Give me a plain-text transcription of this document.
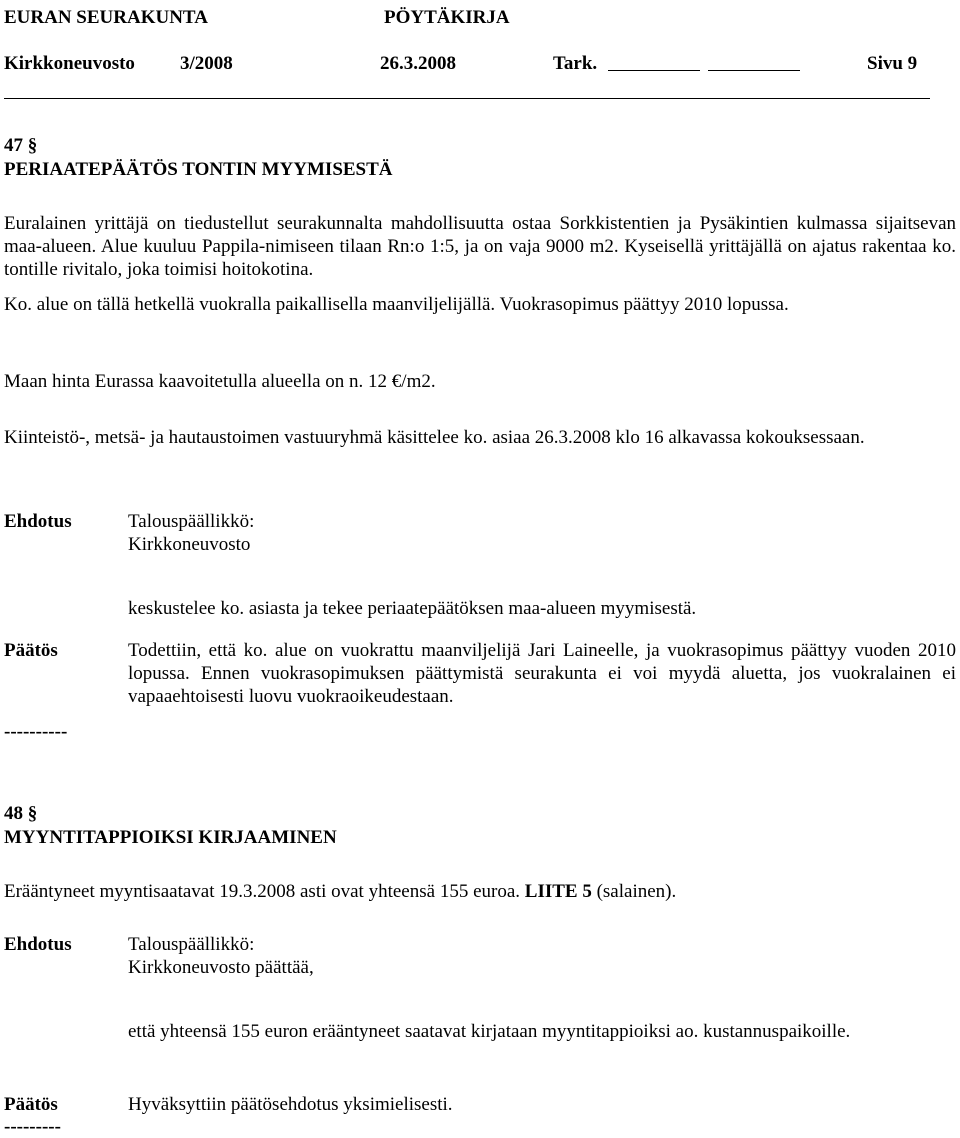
EURAN SEURAKUNTA	PÖYTÄKIRJA
Kirkkoneuvosto 3/2008	26.3.2008	Tark.	Sivu 9
47 §
PERIAATEPÄÄTÖS TONTIN MYYMISESTÄ

Euralainen yrittäjä on tiedustellut seurakunnalta mahdollisuutta ostaa Sorkkistentien ja Pysäkintien kulmassa sijaitsevan maa-alueen. Alue kuuluu Pappila-nimiseen tilaan Rn:o 1:5, ja on vaja 9000 m2. Kyseisellä yrittäjällä on ajatus rakentaa ko. tontille rivitalo, joka toimisi hoitokotina.

Ko. alue on tällä hetkellä vuokralla paikallisella maanviljelijällä. Vuokrasopimus päättyy 2010 lopussa.

Maan hinta Eurassa kaavoitetulla alueella on n. 12 €/m2.

Kiinteistö-, metsä- ja hautaustoimen vastuuryhmä käsittelee ko. asiaa 26.3.2008 klo 16 alkavassa kokouksessaan.

Ehdotus	Talouspäällikkö:

Kirkkoneuvosto

keskustelee ko. asiasta ja tekee periaatepäätöksen maa-alueen myymisestä.

Päätös	Todettiin, että ko. alue on vuokrattu maanviljelijä Jari Laineelle, ja vuokrasopimus päättyy vuoden 2010 lopussa. Ennen vuokrasopimuksen päättymistä seurakunta ei voi myydä aluetta, jos vuokralainen ei vapaaehtoisesti luovu vuokraoikeudestaan.

----------
48 §
MYYNTITAPPIOIKSI KIRJAAMINEN

Erääntyneet myyntisaatavat 19.3.2008 asti ovat yhteensä 155 euroa. LIITE 5 (salainen).

Ehdotus	Talouspäällikkö:

Kirkkoneuvosto päättää,

että yhteensä 155 euron erääntyneet saatavat kirjataan myyntitappioiksi ao. kustannuspaikoille.

Päätös	Hyväksyttiin päätösehdotus yksimielisesti.

---------
